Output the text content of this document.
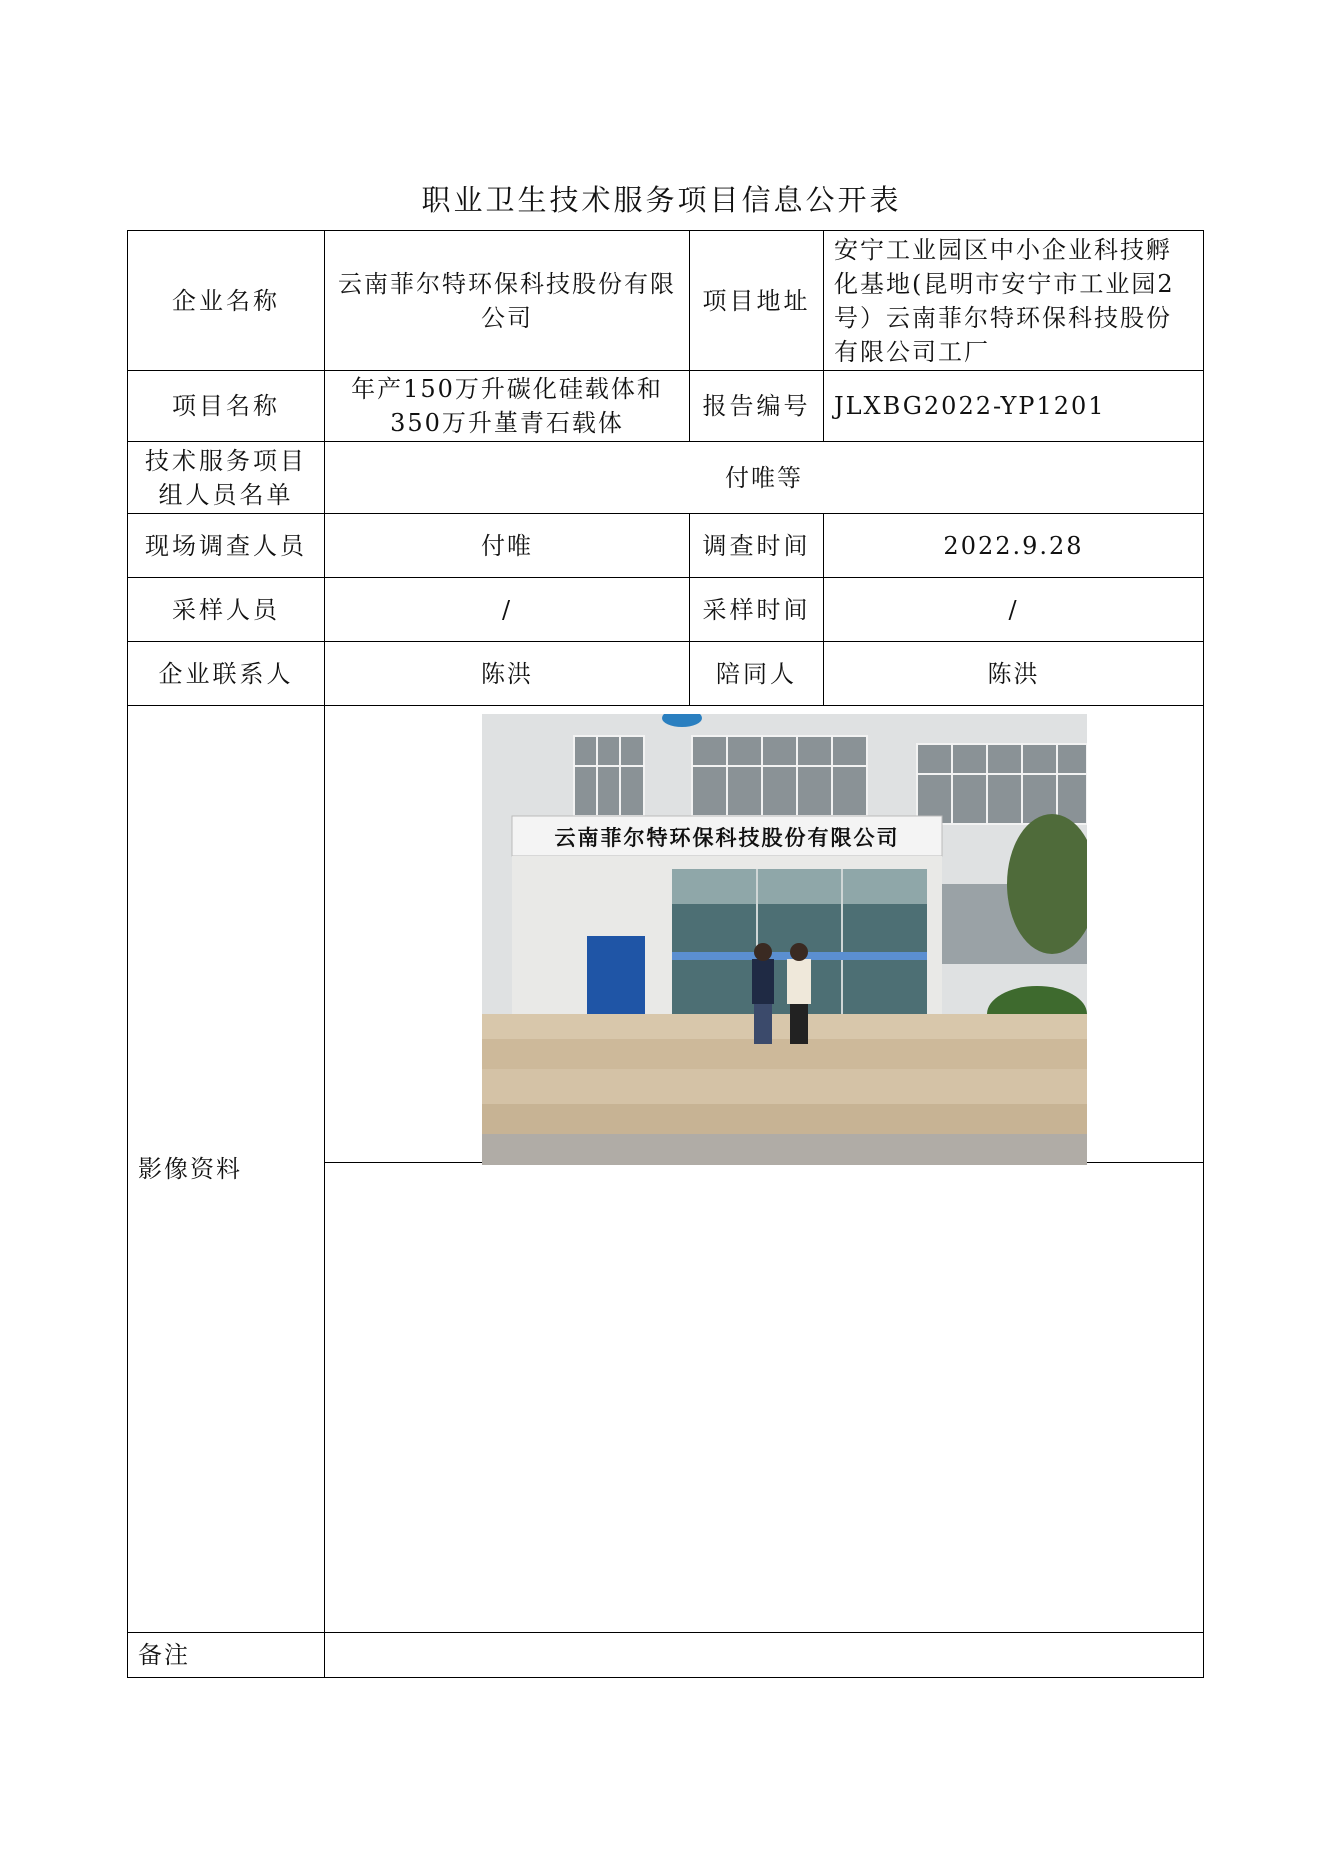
职业卫生技术服务项目信息公开表
企业名称	云南菲尔特环保科技股份有限公司	项目地址	安宁工业园区中小企业科技孵化基地(昆明市安宁市工业园2号）云南菲尔特环保科技股份有限公司工厂
项目名称	年产150万升碳化硅载体和350万升堇青石载体	报告编号	JLXBG2022-YP1201
技术服务项目组人员名单	付唯等		
现场调查人员	付唯	调查时间	2022.9.28
采样人员	/	采样时间	/
企业联系人	陈洪	陪同人	陈洪
影像资料	云南菲尔特环保科技股份有限公司		

备注			
